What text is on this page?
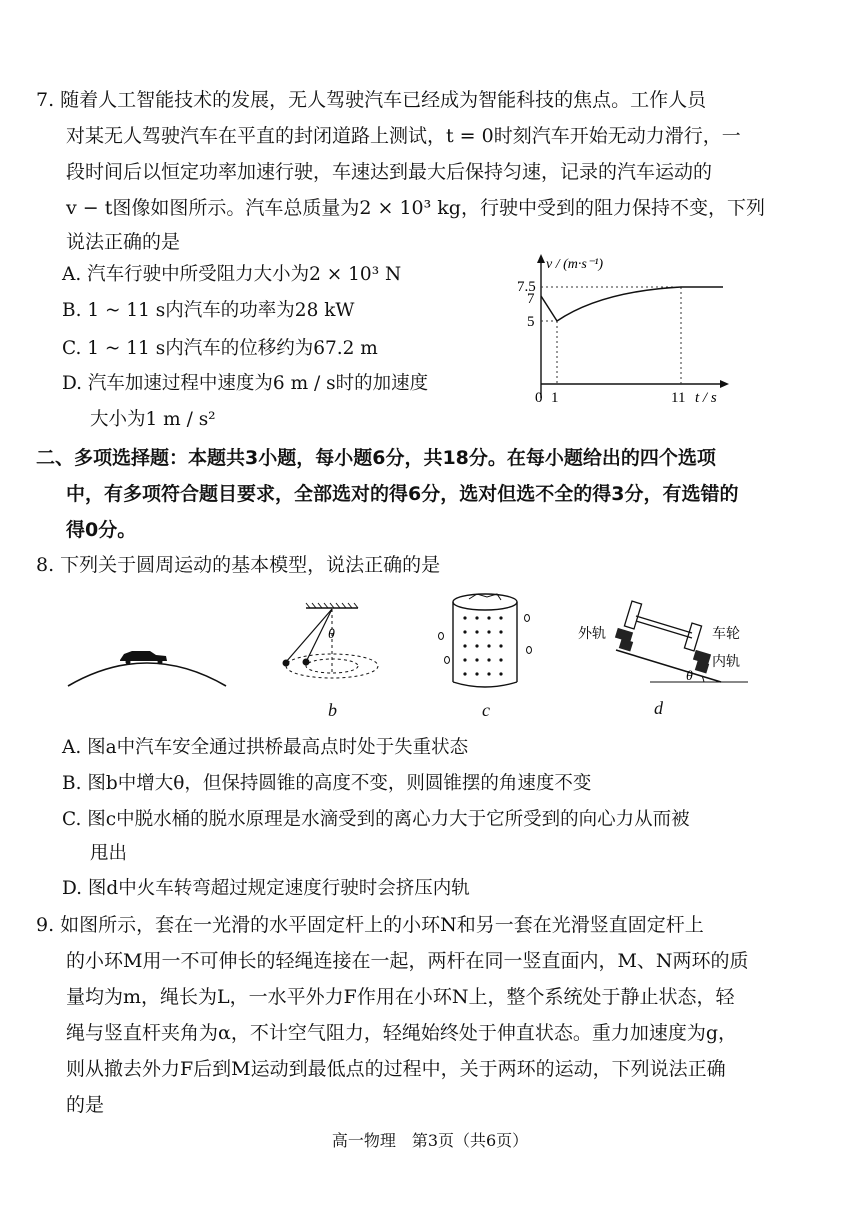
7. 随着人工智能技术的发展，无人驾驶汽车已经成为智能科技的焦点。工作人员
对某无人驾驶汽车在平直的封闭道路上测试，t = 0时刻汽车开始无动力滑行，一
段时间后以恒定功率加速行驶，车速达到最大后保持匀速，记录的汽车运动的
v − t图像如图所示。汽车总质量为2 × 10³ kg，行驶中受到的阻力保持不变，下列
说法正确的是
A. 汽车行驶中所受阻力大小为2 × 10³ N
B. 1 ~ 11 s内汽车的功率为28 kW
C. 1 ~ 11 s内汽车的位移约为67.2 m
D. 汽车加速过程中速度为6 m / s时的加速度
大小为1 m / s²
v / (m·s⁻¹)
7.5
7
5
0 1	11 t / s
二、多项选择题：本题共3小题，每小题6分，共18分。在每小题给出的四个选项
中，有多项符合题目要求，全部选对的得6分，选对但选不全的得3分，有选错的
得0分。
8. 下列关于圆周运动的基本模型，说法正确的是
θ
θ
外轨	车轮
内轨
b	c	d
A. 图a中汽车安全通过拱桥最高点时处于失重状态
B. 图b中增大θ，但保持圆锥的高度不变，则圆锥摆的角速度不变
C. 图c中脱水桶的脱水原理是水滴受到的离心力大于它所受到的向心力从而被
甩出
D. 图d中火车转弯超过规定速度行驶时会挤压内轨
9. 如图所示，套在一光滑的水平固定杆上的小环N和另一套在光滑竖直固定杆上
的小环M用一不可伸长的轻绳连接在一起，两杆在同一竖直面内，M、N两环的质
量均为m，绳长为L，一水平外力F作用在小环N上，整个系统处于静止状态，轻
绳与竖直杆夹角为α，不计空气阻力，轻绳始终处于伸直状态。重力加速度为g，
则从撤去外力F后到M运动到最低点的过程中，关于两环的运动，下列说法正确
的是
高一物理　第3页（共6页）
